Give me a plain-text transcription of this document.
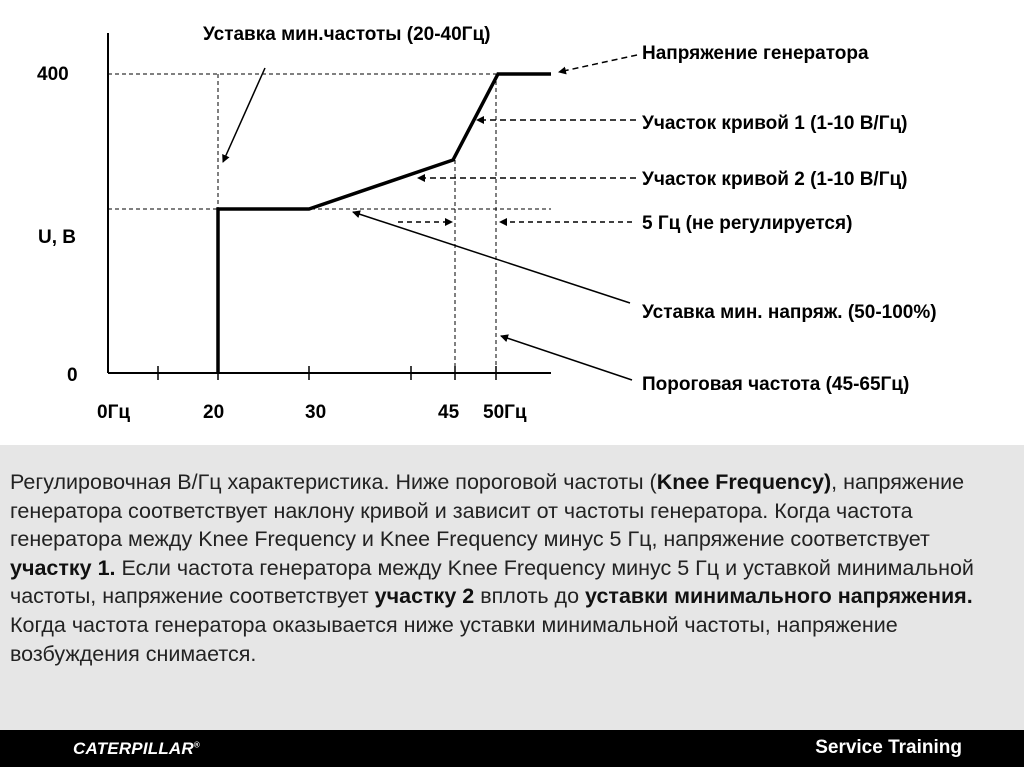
Уставка мин.частоты (20-40Гц)
400
U, В
0
0Гц	20	30	45 50Гц
Напряжение генератора
Участок кривой 1 (1-10 В/Гц)
Участок кривой 2 (1-10 В/Гц)
5 Гц (не регулируется)
Уставка мин. напряж. (50-100%)
Пороговая частота (45-65Гц)
Регулировочная В/Гц характеристика. Ниже пороговой частоты (Knee Frequency), напряжение генератора соответствует наклону кривой и зависит от частоты генератора. Когда частота генератора между Knee Frequency и Knee Frequency минус 5 Гц, напряжение соответствует участку 1. Если частота генератора между Knee Frequency минус 5 Гц и уставкой минимальной частоты, напряжение соответствует участку 2 вплоть до уставки минимального напряжения. Когда частота генератора оказывается ниже уставки минимальной частоты, напряжение возбуждения снимается.
CATERPILLAR®	Service Training
